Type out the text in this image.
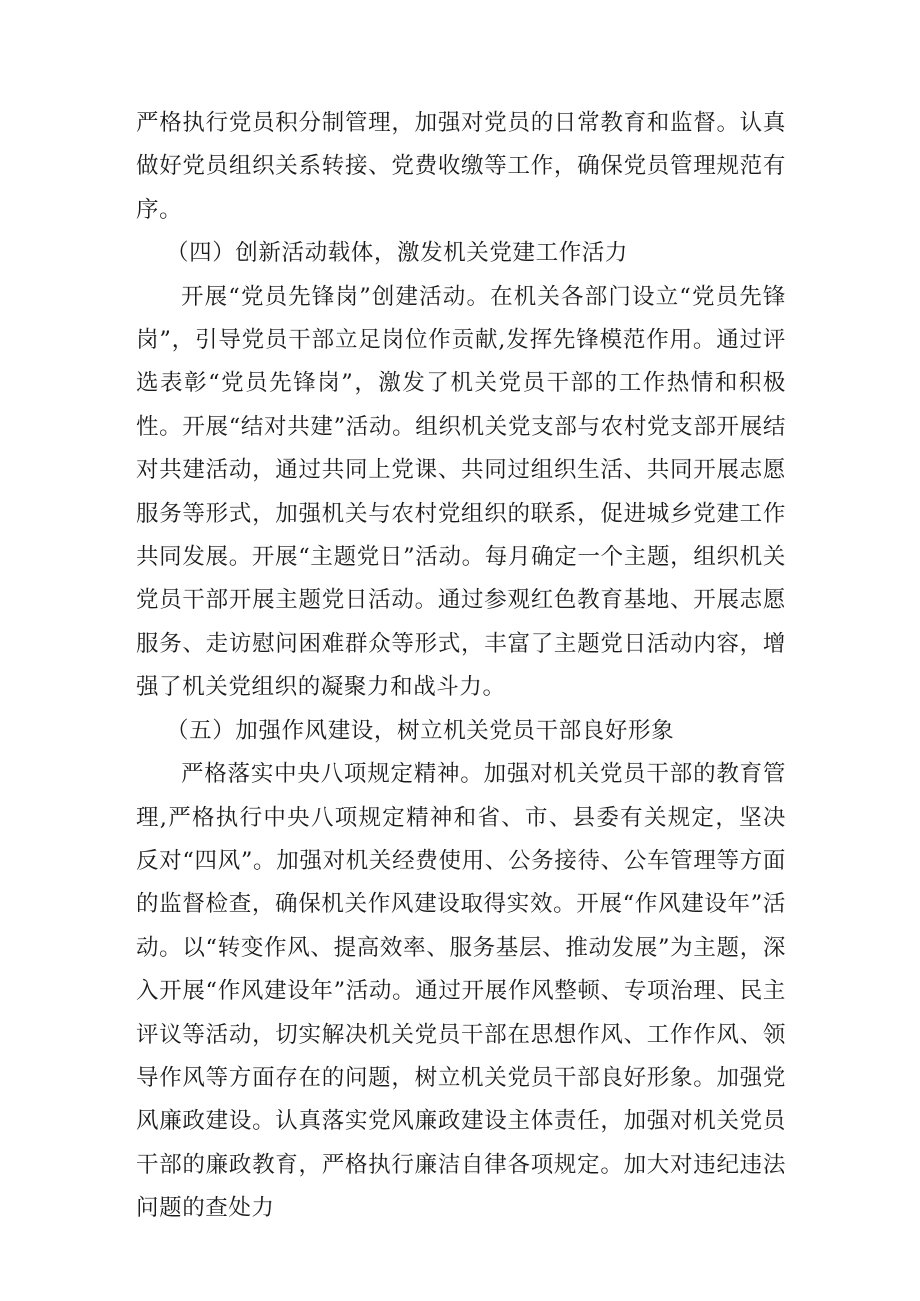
严格执行党员积分制管理，加强对党员的日常教育和监督。认真做好党员组织关系转接、党费收缴等工作，确保党员管理规范有序。

（四）创新活动载体，激发机关党建工作活力

开展“党员先锋岗”创建活动。在机关各部门设立“党员先锋岗”，引导党员干部立足岗位作贡献,发挥先锋模范作用。通过评选表彰“党员先锋岗”，激发了机关党员干部的工作热情和积极性。开展“结对共建”活动。组织机关党支部与农村党支部开展结对共建活动，通过共同上党课、共同过组织生活、共同开展志愿服务等形式，加强机关与农村党组织的联系，促进城乡党建工作共同发展。开展“主题党日”活动。每月确定一个主题，组织机关党员干部开展主题党日活动。通过参观红色教育基地、开展志愿服务、走访慰问困难群众等形式，丰富了主题党日活动内容，增强了机关党组织的凝聚力和战斗力。

（五）加强作风建设，树立机关党员干部良好形象

严格落实中央八项规定精神。加强对机关党员干部的教育管理,严格执行中央八项规定精神和省、市、县委有关规定，坚决反对“四风”。加强对机关经费使用、公务接待、公车管理等方面的监督检查，确保机关作风建设取得实效。开展“作风建设年”活动。以“转变作风、提高效率、服务基层、推动发展”为主题，深入开展“作风建设年”活动。通过开展作风整顿、专项治理、民主评议等活动，切实解决机关党员干部在思想作风、工作作风、领导作风等方面存在的问题，树立机关党员干部良好形象。加强党风廉政建设。认真落实党风廉政建设主体责任，加强对机关党员干部的廉政教育，严格执行廉洁自律各项规定。加大对违纪违法问题的查处力
